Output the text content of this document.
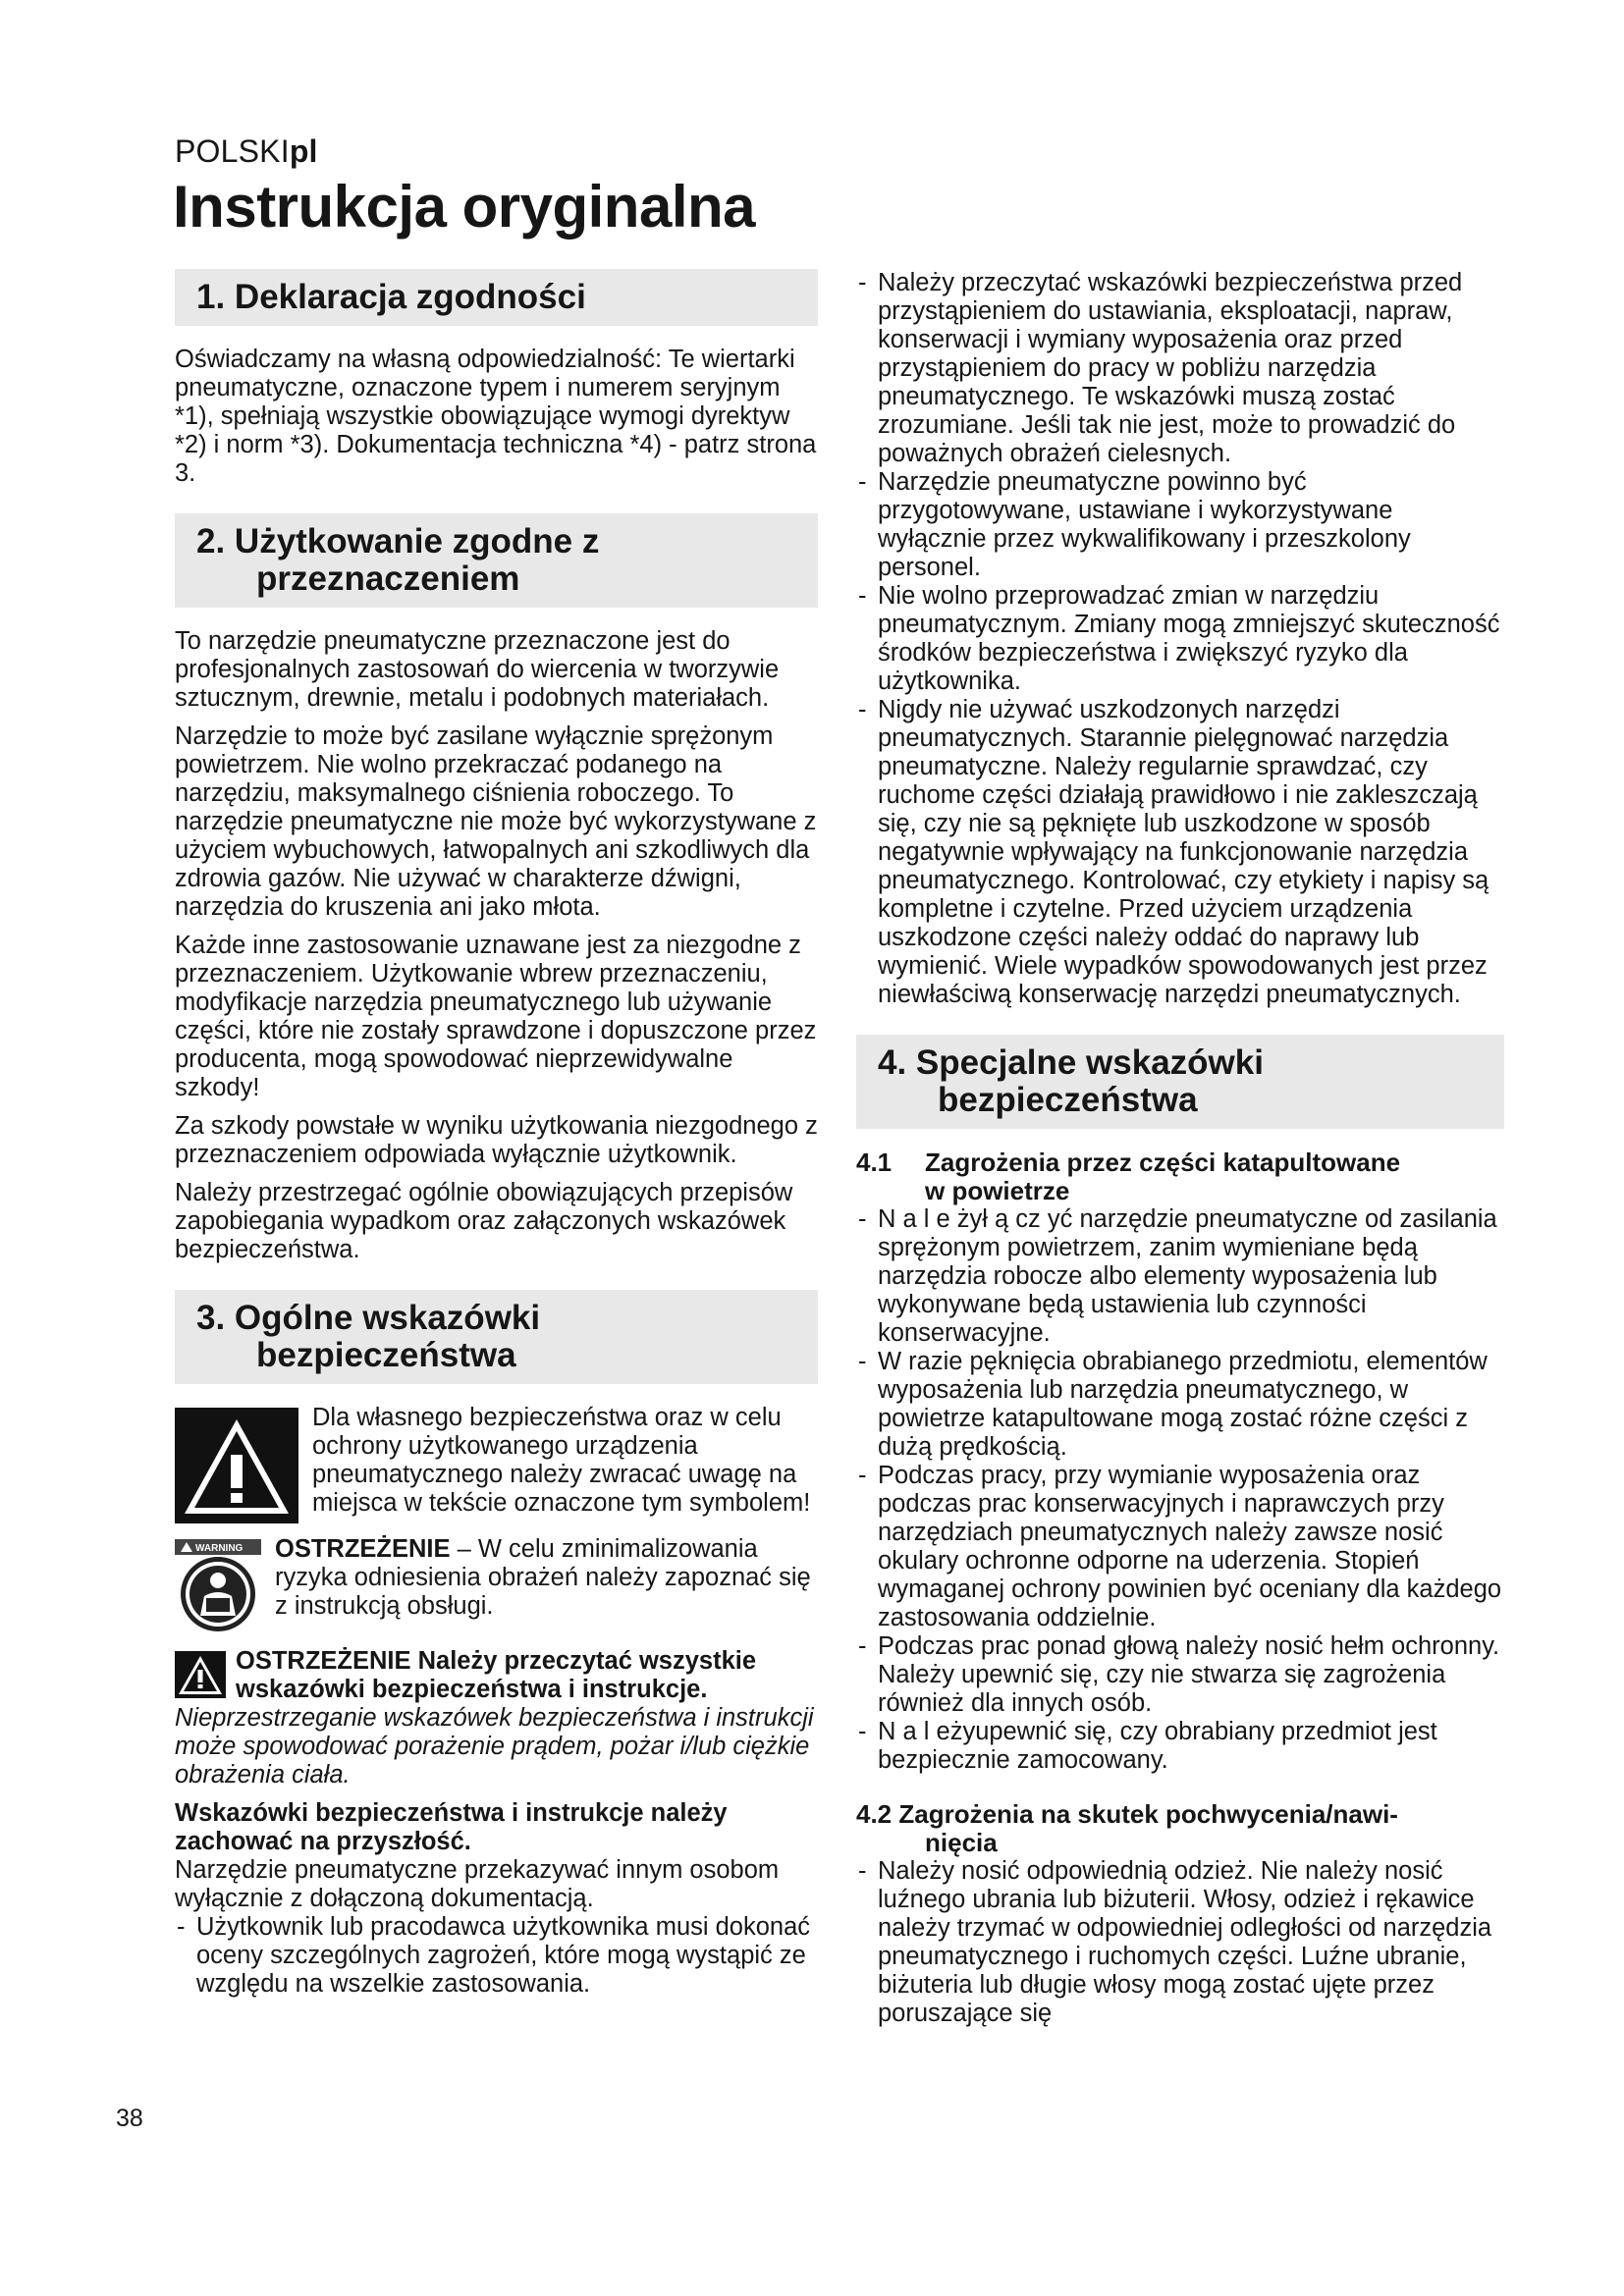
POLSKIpl
Instrukcja oryginalna
1. Deklaracja zgodności

Oświadczamy na własną odpowiedzialność: Te wiertarki pneumatyczne, oznaczone typem i numerem seryjnym *1), spełniają wszystkie obowiązujące wymogi dyrektyw *2) i norm *3). Dokumentacja techniczna *4) - patrz strona 3.

2. Użytkowanie zgodne z
przeznaczeniem

To narzędzie pneumatyczne przeznaczone jest do profesjonalnych zastosowań do wiercenia w tworzywie sztucznym, drewnie, metalu i podobnych materiałach.

Narzędzie to może być zasilane wyłącznie sprężonym powietrzem. Nie wolno przekraczać podanego na narzędziu, maksymalnego ciśnienia roboczego. To narzędzie pneumatyczne nie może być wykorzystywane z użyciem wybuchowych, łatwopalnych ani szkodliwych dla zdrowia gazów. Nie używać w charakterze dźwigni, narzędzia do kruszenia ani jako młota.

Każde inne zastosowanie uznawane jest za niezgodne z przeznaczeniem. Użytkowanie wbrew przeznaczeniu, modyfikacje narzędzia pneumatycznego lub używanie części, które nie zostały sprawdzone i dopuszczone przez producenta, mogą spowodować nieprzewidywalne szkody!

Za szkody powstałe w wyniku użytkowania niezgodnego z przeznaczeniem odpowiada wyłącznie użytkownik.

Należy przestrzegać ogólnie obowiązujących przepisów zapobiegania wypadkom oraz załączonych wskazówek bezpieczeństwa.

3. Ogólne wskazówki
bezpieczeństwa

Dla własnego bezpieczeństwa oraz w celu ochrony użytkowanego urządzenia pneumatycznego należy zwracać uwagę na miejsca w tekście oznaczone tym symbolem!

WARNING	OSTRZEŻENIE – W celu zminimalizowania ryzyka odniesienia obrażeń należy zapoznać się z instrukcją obsługi.

OSTRZEŻENIE Należy przeczytać wszystkie wskazówki bezpieczeństwa i instrukcje. Nieprzestrzeganie wskazówek bezpieczeństwa i instrukcji może spowodować porażenie prądem, pożar i/lub ciężkie obrażenia ciała.

Wskazówki bezpieczeństwa i instrukcje należy zachować na przyszłość.

Narzędzie pneumatyczne przekazywać innym osobom wyłącznie z dołączoną dokumentacją.

- Użytkownik lub pracodawca użytkownika musi dokonać oceny szczególnych zagrożeń, które mogą wystąpić ze względu na wszelkie zastosowania.
- Należy przeczytać wskazówki bezpieczeństwa przed przystąpieniem do ustawiania, eksploatacji, napraw, konserwacji i wymiany wyposażenia oraz przed przystąpieniem do pracy w pobliżu narzędzia pneumatycznego. Te wskazówki muszą zostać zrozumiane. Jeśli tak nie jest, może to prowadzić do poważnych obrażeń cielesnych.
- Narzędzie pneumatyczne powinno być przygotowywane, ustawiane i wykorzystywane wyłącznie przez wykwalifikowany i przeszkolony personel.
- Nie wolno przeprowadzać zmian w narzędziu pneumatycznym. Zmiany mogą zmniejszyć skuteczność środków bezpieczeństwa i zwiększyć ryzyko dla użytkownika.
- Nigdy nie używać uszkodzonych narzędzi pneumatycznych. Starannie pielęgnować narzędzia pneumatyczne. Należy regularnie sprawdzać, czy ruchome części działają prawidłowo i nie zakleszczają się, czy nie są pęknięte lub uszkodzone w sposób negatywnie wpływający na funkcjonowanie narzędzia pneumatycznego. Kontrolować, czy etykiety i napisy są kompletne i czytelne. Przed użyciem urządzenia uszkodzone części należy oddać do naprawy lub wymienić. Wiele wypadków spowodowanych jest przez niewłaściwą konserwację narzędzi pneumatycznych.
4. Specjalne wskazówki
bezpieczeństwa
4.1 Zagrożenia przez części katapultowane
w powietrze
- N a l e żył ą cz yć narzędzie pneumatyczne od zasilania sprężonym powietrzem, zanim wymieniane będą narzędzia robocze albo elementy wyposażenia lub wykonywane będą ustawienia lub czynności konserwacyjne.
- W razie pęknięcia obrabianego przedmiotu, elementów wyposażenia lub narzędzia pneumatycznego, w powietrze katapultowane mogą zostać różne części z dużą prędkością.
- Podczas pracy, przy wymianie wyposażenia oraz podczas prac konserwacyjnych i naprawczych przy narzędziach pneumatycznych należy zawsze nosić okulary ochronne odporne na uderzenia. Stopień wymaganej ochrony powinien być oceniany dla każdego zastosowania oddzielnie.
- Podczas prac ponad głową należy nosić hełm ochronny. Należy upewnić się, czy nie stwarza się zagrożenia również dla innych osób.
- N a l eżyupewnić się, czy obrabiany przedmiot jest bezpiecznie zamocowany.
4.2 Zagrożenia na skutek pochwycenia/nawi-
nięcia
- Należy nosić odpowiednią odzież. Nie należy nosić luźnego ubrania lub biżuterii. Włosy, odzież i rękawice należy trzymać w odpowiedniej odległości od narzędzia pneumatycznego i ruchomych części. Luźne ubranie, biżuteria lub długie włosy mogą zostać ujęte przez poruszające się
38
